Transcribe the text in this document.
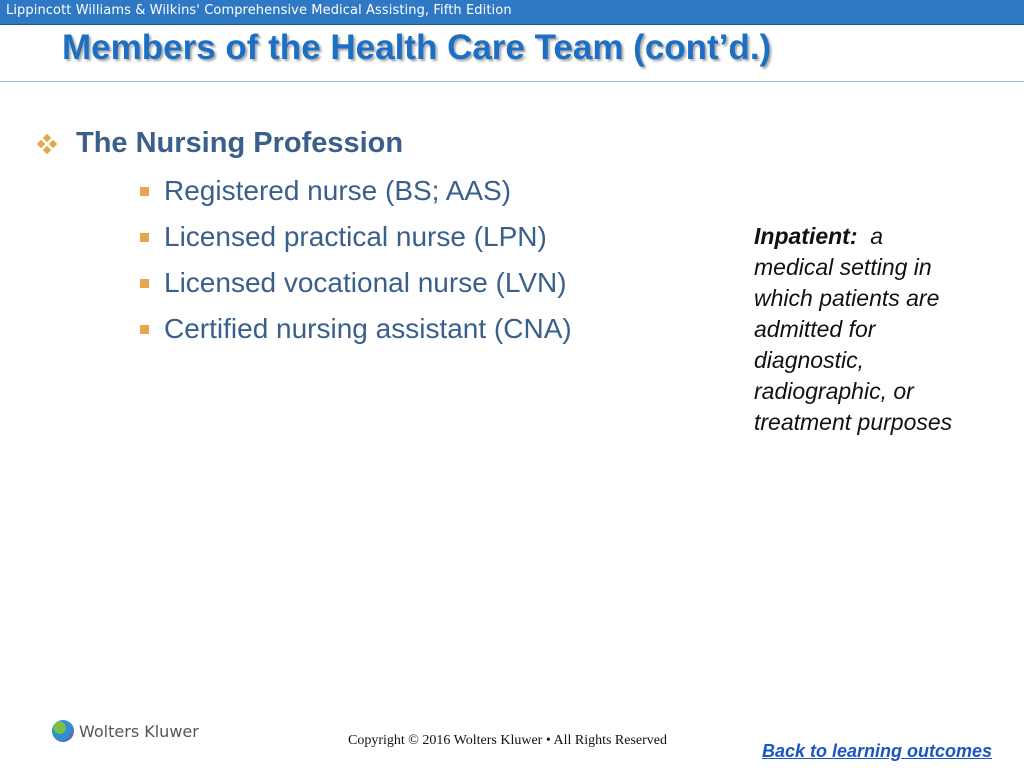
Lippincott Williams & Wilkins' Comprehensive Medical Assisting, Fifth Edition
Members of the Health Care Team (cont’d.)
The Nursing Profession
Registered nurse (BS; AAS)
Licensed practical nurse (LPN)
Licensed vocational nurse (LVN)
Certified nursing assistant (CNA)
Inpatient: a medical setting in which patients are admitted for diagnostic, radiographic, or treatment purposes
Wolters Kluwer	Copyright © 2016 Wolters Kluwer • All Rights Reserved
Back to learning outcomes
